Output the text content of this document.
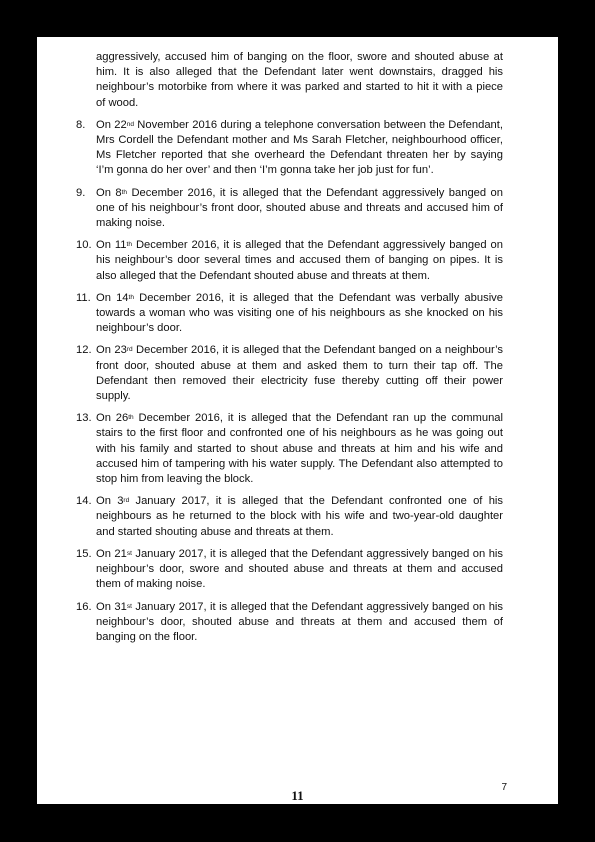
aggressively, accused him of banging on the floor, swore and shouted abuse at him. It is also alleged that the Defendant later went downstairs, dragged his neighbour’s motorbike from where it was parked and started to hit it with a piece of wood.
8. On 22nd November 2016 during a telephone conversation between the Defendant, Mrs Cordell the Defendant mother and Ms Sarah Fletcher, neighbourhood officer, Ms Fletcher reported that she overheard the Defendant threaten her by saying ‘I’m gonna do her over’ and then ‘I’m gonna take her job just for fun’.
9. On 8th December 2016, it is alleged that the Defendant aggressively banged on one of his neighbour’s front door, shouted abuse and threats and accused him of making noise.
10. On 11th December 2016, it is alleged that the Defendant aggressively banged on his neighbour’s door several times and accused them of banging on pipes. It is also alleged that the Defendant shouted abuse and threats at them.
11. On 14th December 2016, it is alleged that the Defendant was verbally abusive towards a woman who was visiting one of his neighbours as she knocked on his neighbour’s door.
12. On 23rd December 2016, it is alleged that the Defendant banged on a neighbour’s front door, shouted abuse at them and asked them to turn their tap off. The Defendant then removed their electricity fuse thereby cutting off their power supply.
13. On 26th December 2016, it is alleged that the Defendant ran up the communal stairs to the first floor and confronted one of his neighbours as he was going out with his family and started to shout abuse and threats at him and his wife and accused him of tampering with his water supply. The Defendant also attempted to stop him from leaving the block.
14. On 3rd January 2017, it is alleged that the Defendant confronted one of his neighbours as he returned to the block with his wife and two-year-old daughter and started shouting abuse and threats at them.
15. On 21st January 2017, it is alleged that the Defendant aggressively banged on his neighbour’s door, swore and shouted abuse and threats at them and accused them of making noise.
16. On 31st January 2017, it is alleged that the Defendant aggressively banged on his neighbour’s door, shouted abuse and threats at them and accused them of banging on the floor.
7
11
